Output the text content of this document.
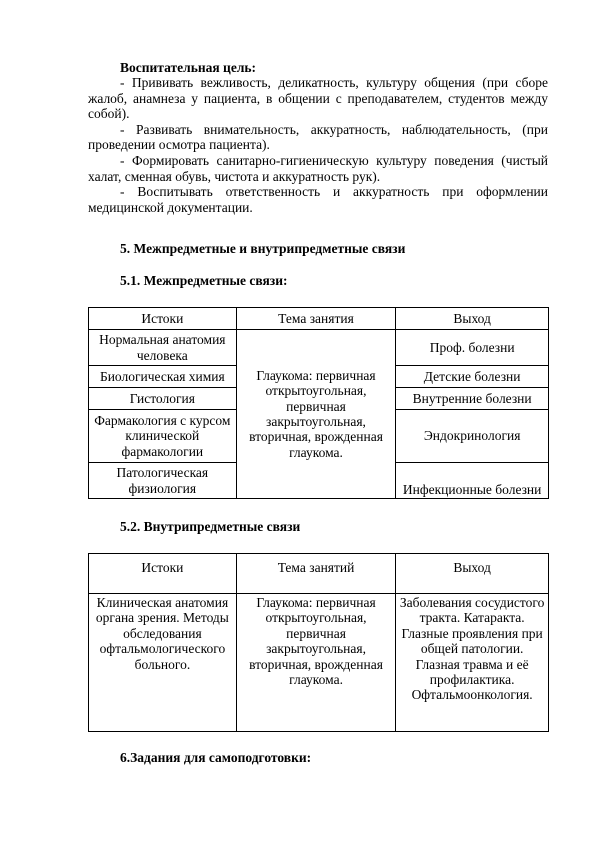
Воспитательная цель:

- Прививать вежливость, деликатность, культуру общения (при сборе жалоб, анамнеза у пациента, в общении с преподавателем, студентов между собой).

- Развивать внимательность, аккуратность, наблюдательность, (при проведении осмотра пациента).

- Формировать санитарно-гигиеническую культуру поведения (чистый халат, сменная обувь, чистота и аккуратность рук).

- Воспитывать ответственность и аккуратность при оформлении медицинской документации.

5. Межпредметные и внутрипредметные связи
5.1. Межпредметные связи:
Истоки	Тема занятия	Выход
Нормальная анатомия человека	Глаукома: первичная открытоугольная, первичная закрытоугольная, вторичная, врожденная глаукома.	Проф. болезни
Биологическая химия		Детские болезни
Гистология		Внутренние болезни
Фармакология с курсом клинической фармакологии		Эндокринология
Патологическая физиология		Инфекционные болезни
5.2. Внутрипредметные связи
Истоки	Тема занятий	Выход
Клиническая анатомия органа зрения. Методы обследования офтальмологического больного.	Глаукома: первичная открытоугольная, первичная закрытоугольная, вторичная, врожденная глаукома.	Заболевания сосудистого тракта. Катаракта. Глазные проявления при общей патологии. Глазная травма и её профилактика. Офтальмоонкология.
6.Задания для самоподготовки:
